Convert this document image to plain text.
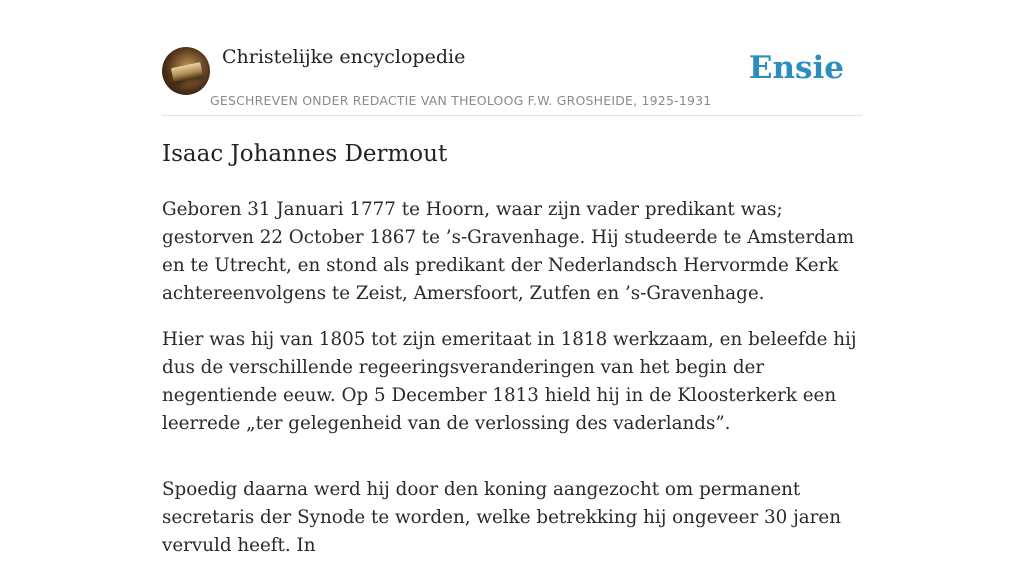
Christelijke encyclopedie
GESCHREVEN ONDER REDACTIE VAN THEOLOOG F.W. GROSHEIDE, 1925-1931
Ensie
Isaac Johannes Dermout

Geboren 31 Januari 1777 te Hoorn, waar zijn vader predikant was; gestorven 22 October 1867 te ’s-Gravenhage. Hij studeerde te Amsterdam en te Utrecht, en stond als predikant der Nederlandsch Hervormde Kerk achtereenvolgens te Zeist, Amersfoort, Zutfen en ’s-Gravenhage.

Hier was hij van 1805 tot zijn emeritaat in 1818 werkzaam, en beleefde hij dus de verschillende regeeringsveranderingen van het begin der negentiende eeuw. Op 5 December 1813 hield hij in de Kloosterkerk een leerrede „ter gelegenheid van de verlossing des vaderlands”.

Spoedig daarna werd hij door den koning aangezocht om permanent secretaris der Synode te worden, welke betrekking hij ongeveer 30 jaren vervuld heeft. In
